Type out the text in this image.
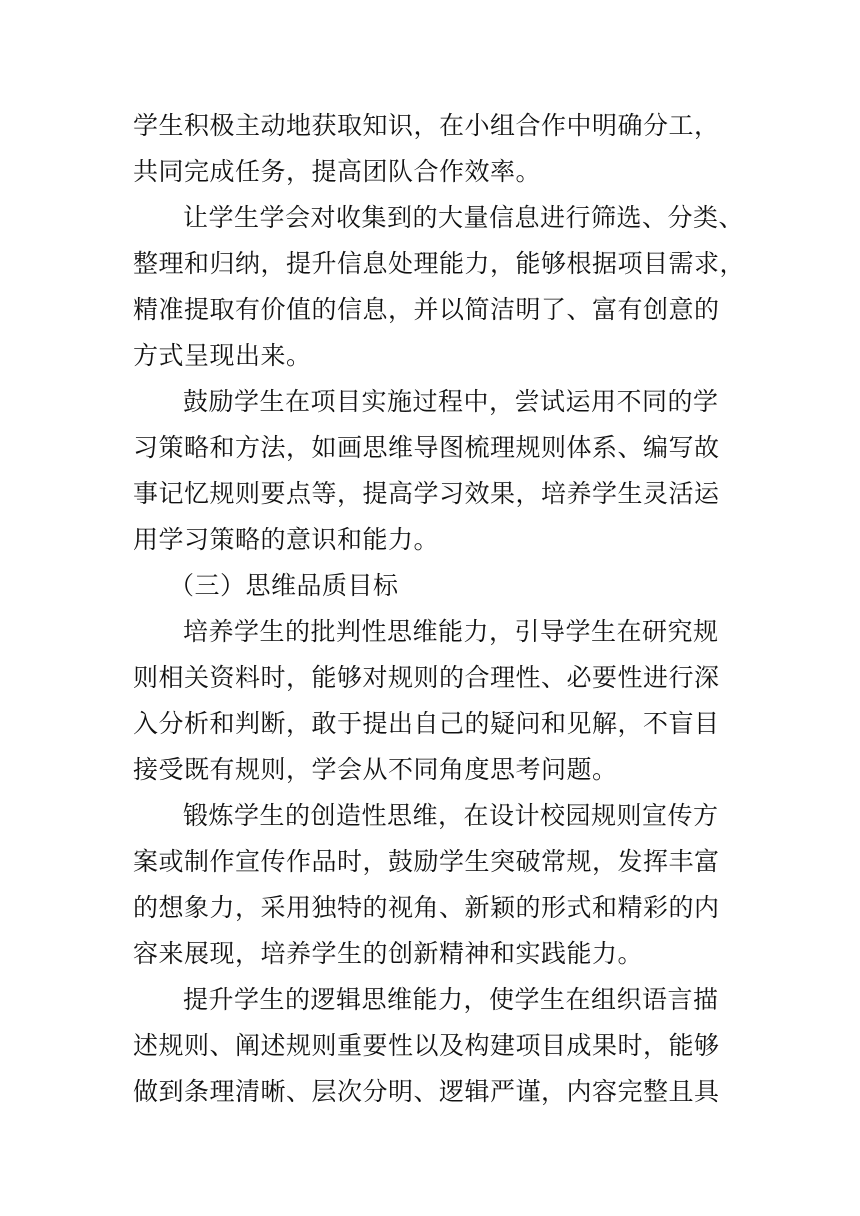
学生积极主动地获取知识，在小组合作中明确分工，
共同完成任务，提高团队合作效率。
让学生学会对收集到的大量信息进行筛选、分类、
整理和归纳，提升信息处理能力，能够根据项目需求，
精准提取有价值的信息，并以简洁明了、富有创意的
方式呈现出来。
鼓励学生在项目实施过程中，尝试运用不同的学
习策略和方法，如画思维导图梳理规则体系、编写故
事记忆规则要点等，提高学习效果，培养学生灵活运
用学习策略的意识和能力。
（三）思维品质目标
培养学生的批判性思维能力，引导学生在研究规
则相关资料时，能够对规则的合理性、必要性进行深
入分析和判断，敢于提出自己的疑问和见解，不盲目
接受既有规则，学会从不同角度思考问题。
锻炼学生的创造性思维，在设计校园规则宣传方
案或制作宣传作品时，鼓励学生突破常规，发挥丰富
的想象力，采用独特的视角、新颖的形式和精彩的内
容来展现，培养学生的创新精神和实践能力。
提升学生的逻辑思维能力，使学生在组织语言描
述规则、阐述规则重要性以及构建项目成果时，能够
做到条理清晰、层次分明、逻辑严谨，内容完整且具
